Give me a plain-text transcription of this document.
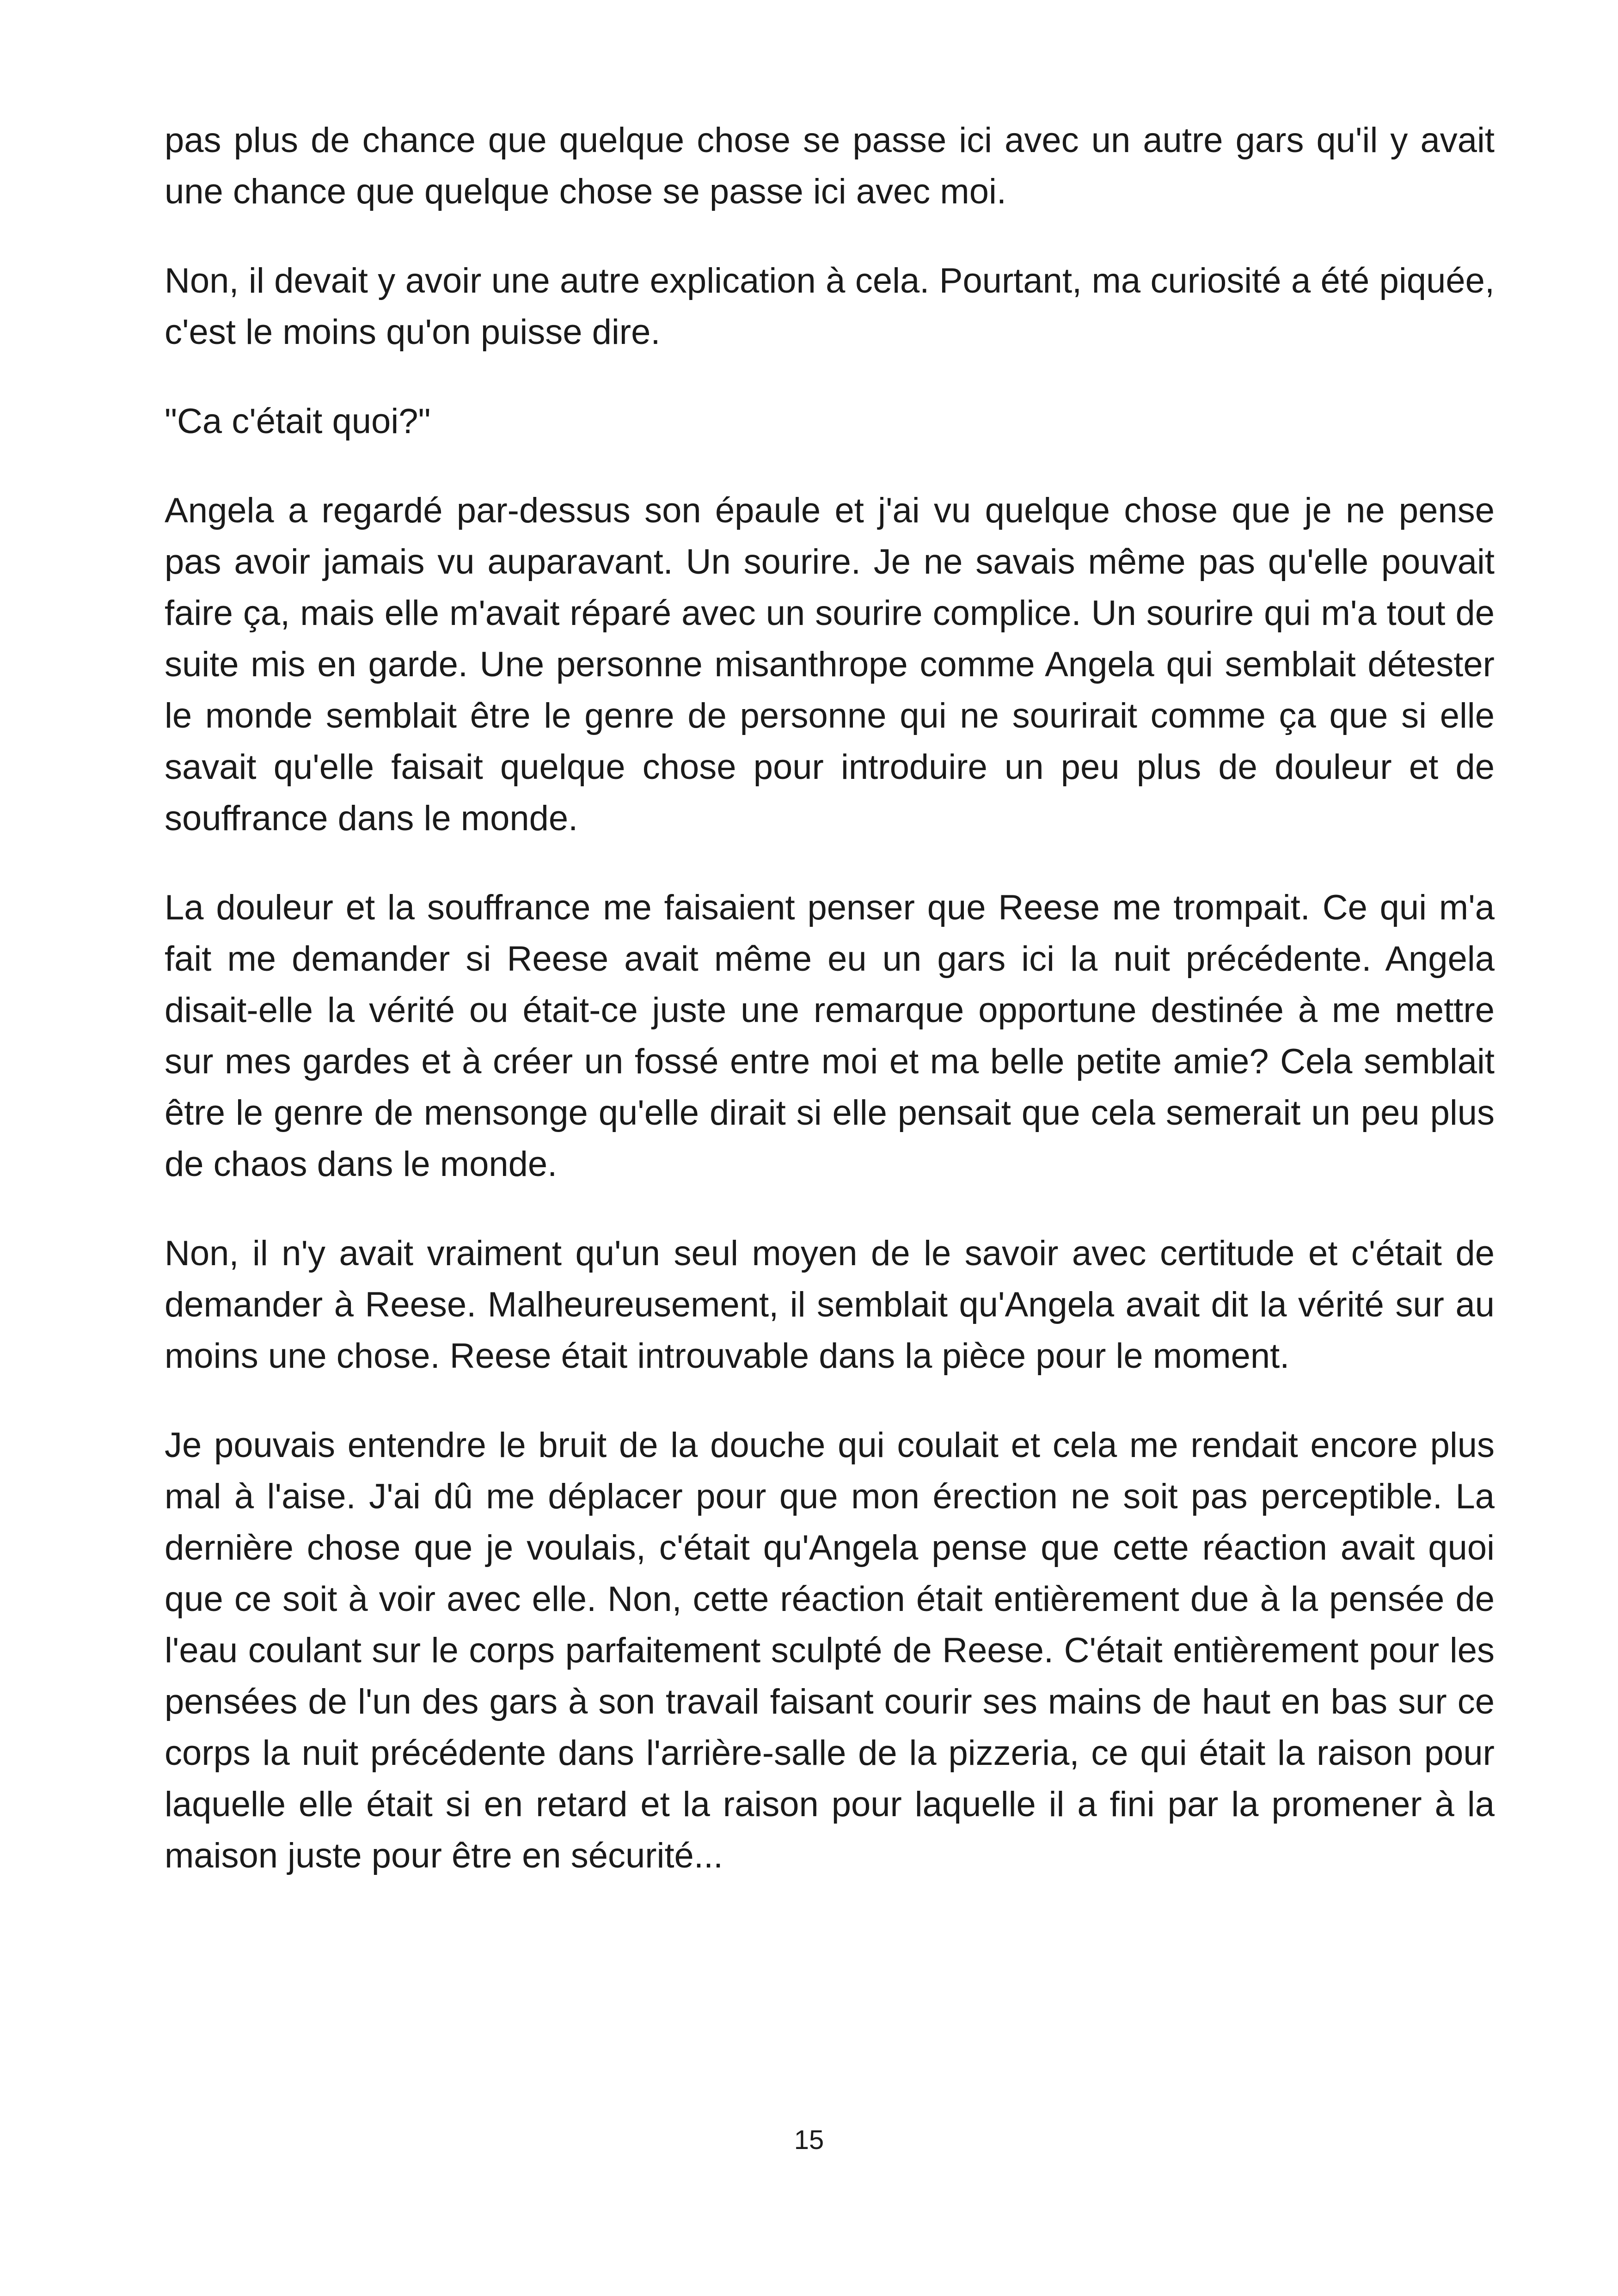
pas plus de chance que quelque chose se passe ici avec un autre gars qu'il y avait une chance que quelque chose se passe ici avec moi.

Non, il devait y avoir une autre explication à cela. Pourtant, ma curiosité a été piquée, c'est le moins qu'on puisse dire.

"Ca c'était quoi?"

Angela a regardé par-dessus son épaule et j'ai vu quelque chose que je ne pense pas avoir jamais vu auparavant. Un sourire. Je ne savais même pas qu'elle pouvait faire ça, mais elle m'avait réparé avec un sourire complice. Un sourire qui m'a tout de suite mis en garde. Une personne misanthrope comme Angela qui semblait détester le monde semblait être le genre de personne qui ne sourirait comme ça que si elle savait qu'elle faisait quelque chose pour introduire un peu plus de douleur et de souffrance dans le monde.

La douleur et la souffrance me faisaient penser que Reese me trompait. Ce qui m'a fait me demander si Reese avait même eu un gars ici la nuit précédente. Angela disait-elle la vérité ou était-ce juste une remarque opportune destinée à me mettre sur mes gardes et à créer un fossé entre moi et ma belle petite amie? Cela semblait être le genre de mensonge qu'elle dirait si elle pensait que cela semerait un peu plus de chaos dans le monde.

Non, il n'y avait vraiment qu'un seul moyen de le savoir avec certitude et c'était de demander à Reese. Malheureusement, il semblait qu'Angela avait dit la vérité sur au moins une chose. Reese était introuvable dans la pièce pour le moment.

Je pouvais entendre le bruit de la douche qui coulait et cela me rendait encore plus mal à l'aise. J'ai dû me déplacer pour que mon érection ne soit pas perceptible. La dernière chose que je voulais, c'était qu'Angela pense que cette réaction avait quoi que ce soit à voir avec elle. Non, cette réaction était entièrement due à la pensée de l'eau coulant sur le corps parfaitement sculpté de Reese. C'était entièrement pour les pensées de l'un des gars à son travail faisant courir ses mains de haut en bas sur ce corps la nuit précédente dans l'arrière-salle de la pizzeria, ce qui était la raison pour laquelle elle était si en retard et la raison pour laquelle il a fini par la promener à la maison juste pour être en sécurité...

15
